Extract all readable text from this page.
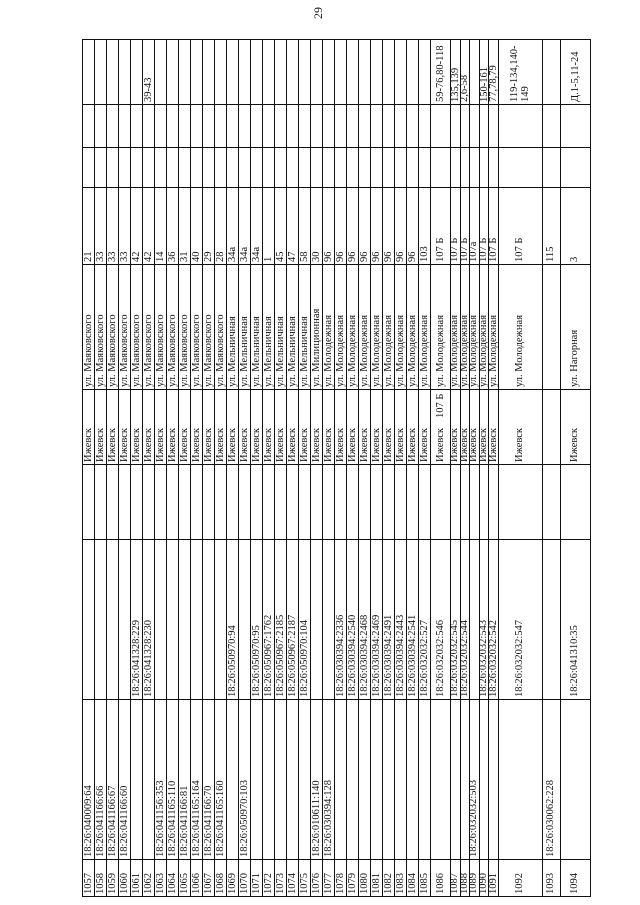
29
1057
18:26:040009:64
Ижевск
ул. Маяковского
21
1058
18:26:041166:66
Ижевск
ул. Маяковского
33
1059
18:26:041166:67
Ижевск
ул. Маяковского
33
1060
18:26:041166:60
Ижевск
ул. Маяковского
33
1061
18:26:041328:229
Ижевск
ул. Маяковского
42
1062
18:26:041328:230
Ижевск
ул. Маяковского
42
39-43
1063
18:26:041156:353
Ижевск
ул. Маяковского
14
1064
18:26:041165:110
Ижевск
ул. Маяковского
36
1065
18:26:041166:81
Ижевск
ул. Маяковского
31
1066
18:26:041165:164
Ижевск
ул. Маяковского
40
1067
18:26:041166:70
Ижевск
ул. Маяковского
29
1068
18:26:041165:160
Ижевск
ул. Маяковского
28
1069
18:26:050970:94
Ижевск
ул. Мельничная
34а
1070
18:26:050970:103
Ижевск
ул. Мельничная
34а
1071
18:26:050970:95
Ижевск
ул. Мельничная
34а
1072
18:26:050967:1762
Ижевск
ул. Мельничная
1
1073
18:26:050967:2185
Ижевск
ул. Мельничная
45
1074
18:26:050967:2187
Ижевск
ул. Мельничная
47
1075
18:26:050970:104
Ижевск
ул. Мельничная
58
1076
18:26:010611:140
Ижевск
ул. Милиционная
30
1077
18:26:030394:128
Ижевск
ул. Молодежная
96
1078
18:26:030394:2336
Ижевск
ул. Молодежная
96
1079
18:26:030394:2540
Ижевск
ул. Молодежная
96
1080
18:26:030394:2468
Ижевск
ул. Молодежная
96
1081
18:26:030394:2469
Ижевск
ул. Молодежная
96
1082
18:26:030394:2491
Ижевск
ул. Молодежная
96
1083
18:26:030394:2443
Ижевск
ул. Молодежная
96
1084
18:26:030394:2541
Ижевск
ул. Молодежная
96
1085
18:26:032032:527
Ижевск
ул. Молодежная
103
1086
18:26:032032:546
Ижевск
107 Б
ул. Молодежная
107 Б
59-76,80-118
1087
18:26:032032:545
Ижевск
ул. Молодежная
107 Б
135,139
1088
18:26:032032:544
Ижевск
ул. Молодежная
107 Б
2,6-58
1089
18:26:032032:503
Ижевск
ул. Молодежная
107а
1090
18:26:032032:543
Ижевск
ул. Молодежная
107 Б
150-161
1091
18:26:032032:542
Ижевск
ул. Молодежная
107 Б
77,78,79
1092
18:26:032032:547
Ижевск
ул. Молодежная
107 Б
119-134,140-149
1093
18:26:030062:228
115
1094
18:26:041310:35
Ижевск
ул. Нагорная
3
Д.1-5,11-24
